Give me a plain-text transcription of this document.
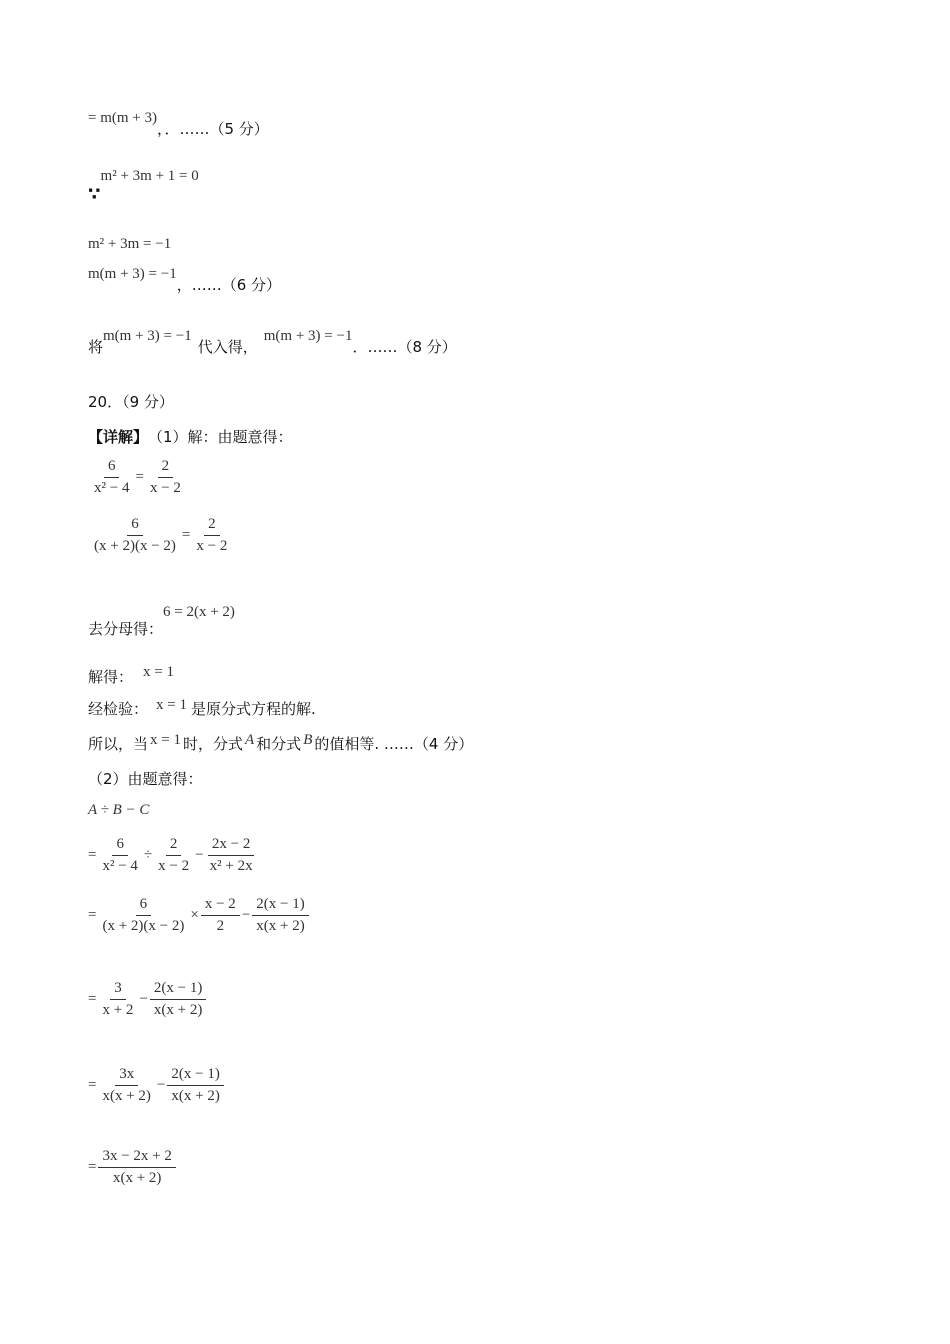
= m(m + 3)
，．……（5 分）
∵
m² + 3m + 1 = 0
m² + 3m = −1
m(m + 3) = −1
，……（6 分）
将
m(m + 3) = −1
代入得，
m(m + 3) = −1
．……（8 分）
20．（9 分）
【详解】 （1）解：由题意得：
$\frac{6}{\text{x² − 4}} = \frac{2}{x - 2}$
$\frac{6}{(x + 2)(x - 2)} = \frac{2}{x - 2}$
去分母得：
6 = 2(x + 2)
解得： x = 1
经检验： x = 1 是原分式方程的解.
所以，当 x = 1 时，分式 A 和分式 B 的值相等. ……（4 分）
（2）由题意得：
A ÷ B − C
= $\frac{6}{\text{x² − 4}} \div \frac{2}{x - 2} - \frac{2x - 2}{\text{x² + 2x}}$
= $\frac{6}{(x + 2)(x - 2)} \times \frac{x - 2}{2} - \frac{2(x - 1)}{x(x + 2)}$
= $\frac{3}{x + 2} - \frac{2(x - 1)}{x(x + 2)}$
= $\frac{3x}{x(x + 2)} - \frac{2(x - 1)}{x(x + 2)}$
= $\frac{3x - 2x + 2}{x(x + 2)}$
